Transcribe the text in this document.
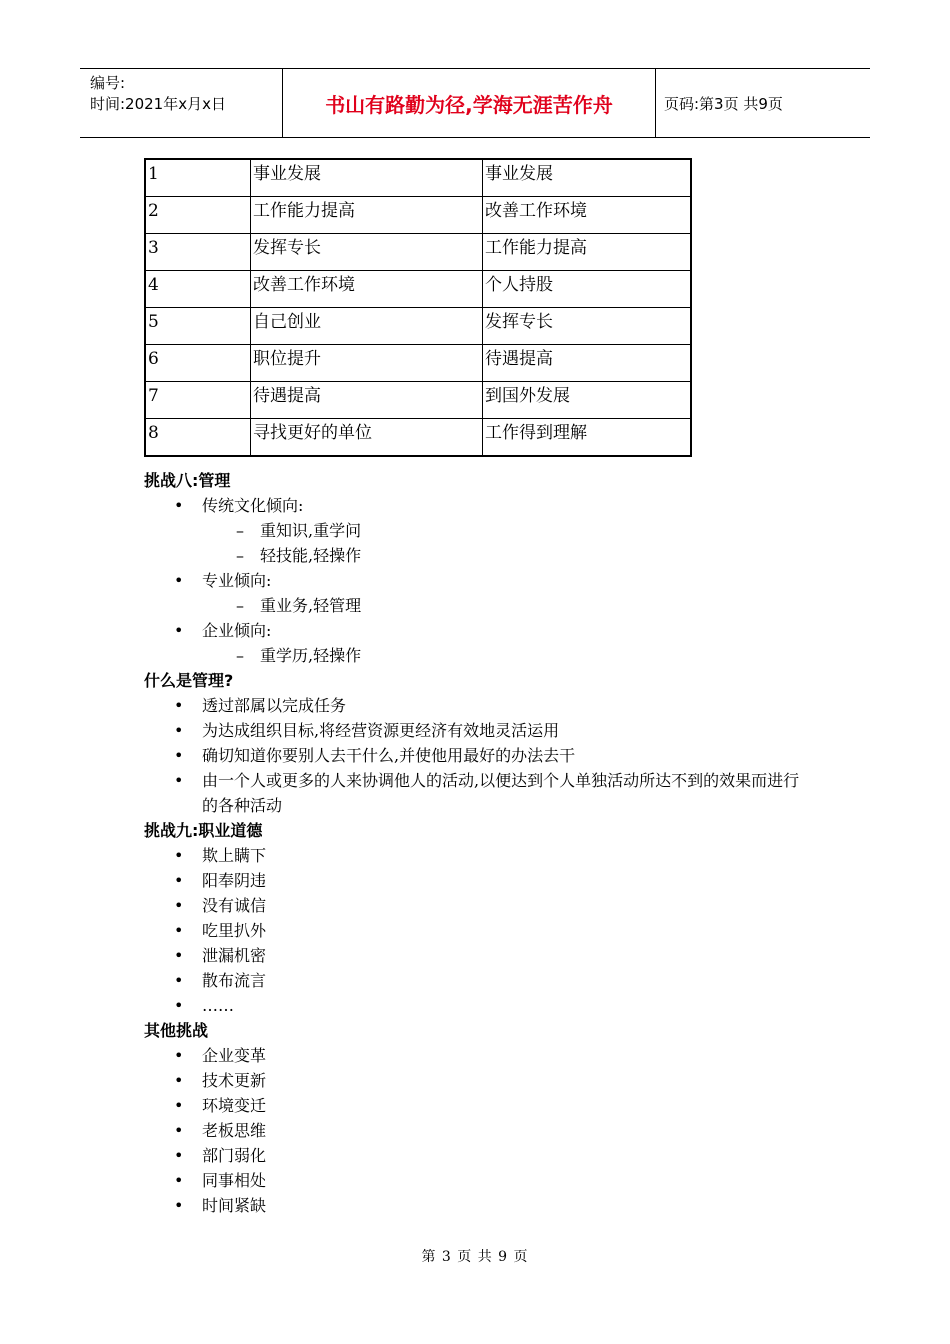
编号:
时间:2021年x月x日	书山有路勤为径,学海无涯苦作舟	页码:第3页 共9页
1	事业发展	事业发展
2	工作能力提高	改善工作环境
3	发挥专长	工作能力提高
4	改善工作环境	个人持股
5	自己创业	发挥专长
6	职位提升	待遇提高
7	待遇提高	到国外发展
8	寻找更好的单位	工作得到理解
挑战八:管理
• 传统文化倾向:
– 重知识,重学问
– 轻技能,轻操作
• 专业倾向:
– 重业务,轻管理
• 企业倾向:
– 重学历,轻操作
什么是管理?
• 透过部属以完成任务
• 为达成组织目标,将经营资源更经济有效地灵活运用
• 确切知道你要别人去干什么,并使他用最好的办法去干
• 由一个人或更多的人来协调他人的活动,以便达到个人单独活动所达不到的效果而进行的各种活动
挑战九:职业道德
• 欺上瞒下
• 阳奉阴违
• 没有诚信
• 吃里扒外
• 泄漏机密
• 散布流言
• ……
其他挑战
• 企业变革
• 技术更新
• 环境变迁
• 老板思维
• 部门弱化
• 同事相处
• 时间紧缺
第 3 页 共 9 页
